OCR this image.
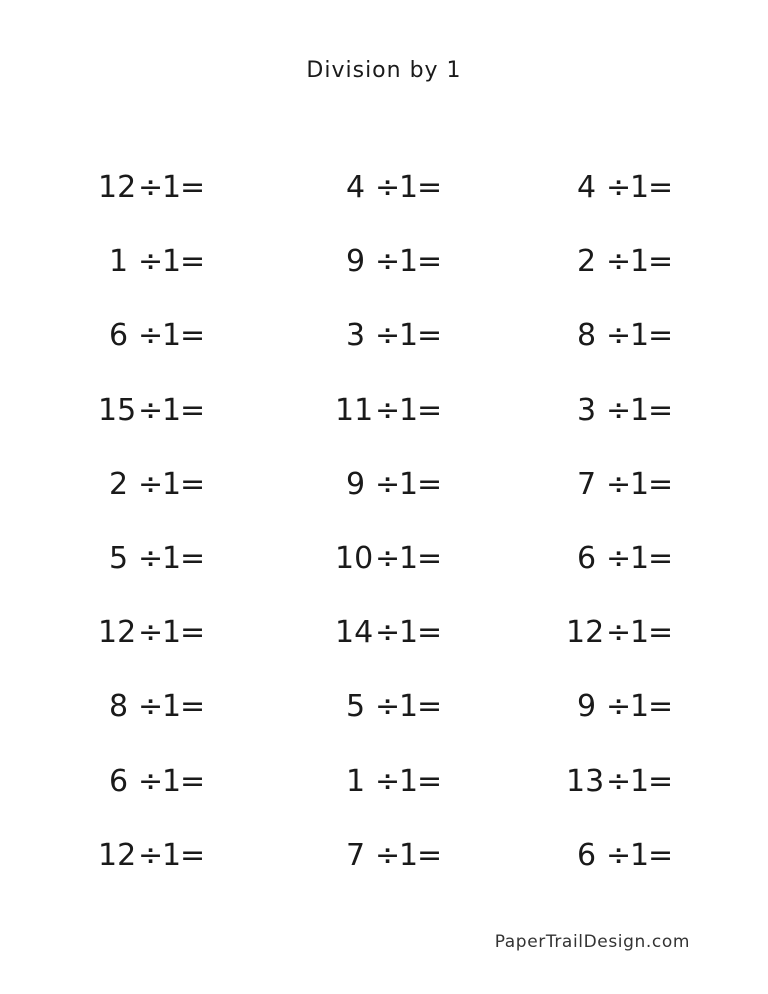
Division by 1
12 ÷
1
=	4 ÷
1
=	4 ÷
1
=
1 ÷
1
=	9 ÷
1
=	2 ÷
1
=
6 ÷
1
=	3 ÷
1
=	8 ÷
1
=
15 ÷
1
=	11 ÷
1
=	3 ÷
1
=
2 ÷
1
=	9 ÷
1
=	7 ÷
1
=
5 ÷
1
=	10 ÷
1
=	6 ÷
1
=
12 ÷
1
=	14 ÷
1
=	12 ÷
1
=
8 ÷
1
=	5 ÷
1
=	9 ÷
1
=
6 ÷
1
=	1 ÷
1
=	13 ÷
1
=
12 ÷
1
=	7 ÷
1
=	6 ÷
1
=
PaperTrailDesign.com
